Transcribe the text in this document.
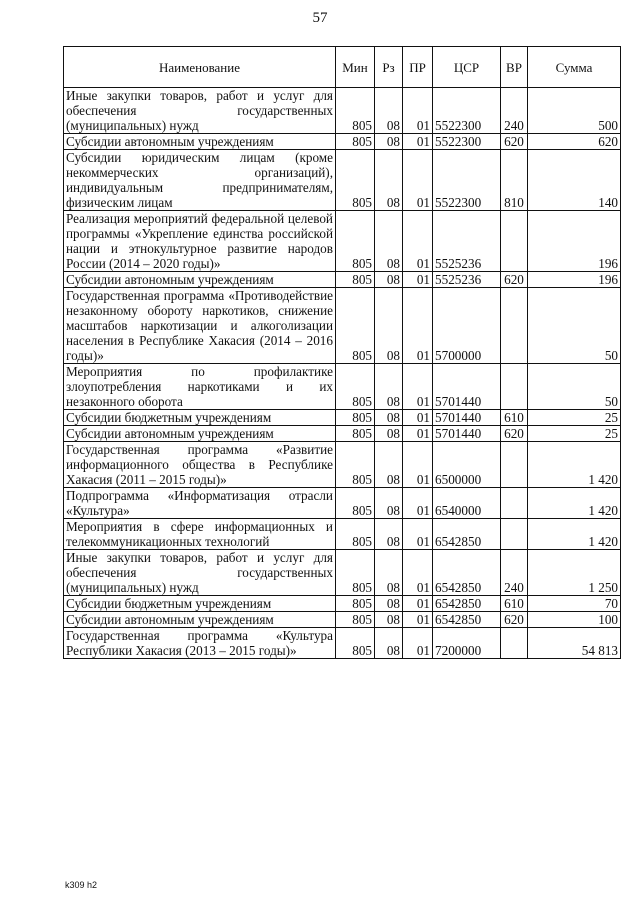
57
Наименование	Мин	Рз	ПР	ЦСР	ВР	Сумма
Иные закупки товаров, работ и услуг для обеспечения государственных (муниципальных) нужд	805	08	01	5522300	240	500
Субсидии автономным учреждениям	805	08	01	5522300	620	620
Субсидии юридическим лицам (кроме некоммерческих организаций), индивидуальным предпринимателям, физическим лицам	805	08	01	5522300	810	140
Реализация мероприятий федеральной целевой программы «Укрепление единства российской нации и этнокультурное развитие народов России (2014 – 2020 годы)»	805	08	01	5525236		196
Субсидии автономным учреждениям	805	08	01	5525236	620	196
Государственная программа «Противодействие незаконному обороту наркотиков, снижение масштабов наркотизации и алкоголизации населения в Республике Хакасия (2014 – 2016 годы)»	805	08	01	5700000		50
Мероприятия по профилактике злоупотребления наркотиками и их незаконного оборота	805	08	01	5701440		50
Субсидии бюджетным учреждениям	805	08	01	5701440	610	25
Субсидии автономным учреждениям	805	08	01	5701440	620	25
Государственная программа «Развитие информационного общества в Республике Хакасия (2011 – 2015 годы)»	805	08	01	6500000		1 420
Подпрограмма «Информатизация отрасли «Культура»	805	08	01	6540000		1 420
Мероприятия в сфере информационных и телекоммуникационных технологий	805	08	01	6542850		1 420
Иные закупки товаров, работ и услуг для обеспечения государственных (муниципальных) нужд	805	08	01	6542850	240	1 250
Субсидии бюджетным учреждениям	805	08	01	6542850	610	70
Субсидии автономным учреждениям	805	08	01	6542850	620	100
Государственная программа «Культура Республики Хакасия (2013 – 2015 годы)»	805	08	01	7200000		54 813
k309 h2
